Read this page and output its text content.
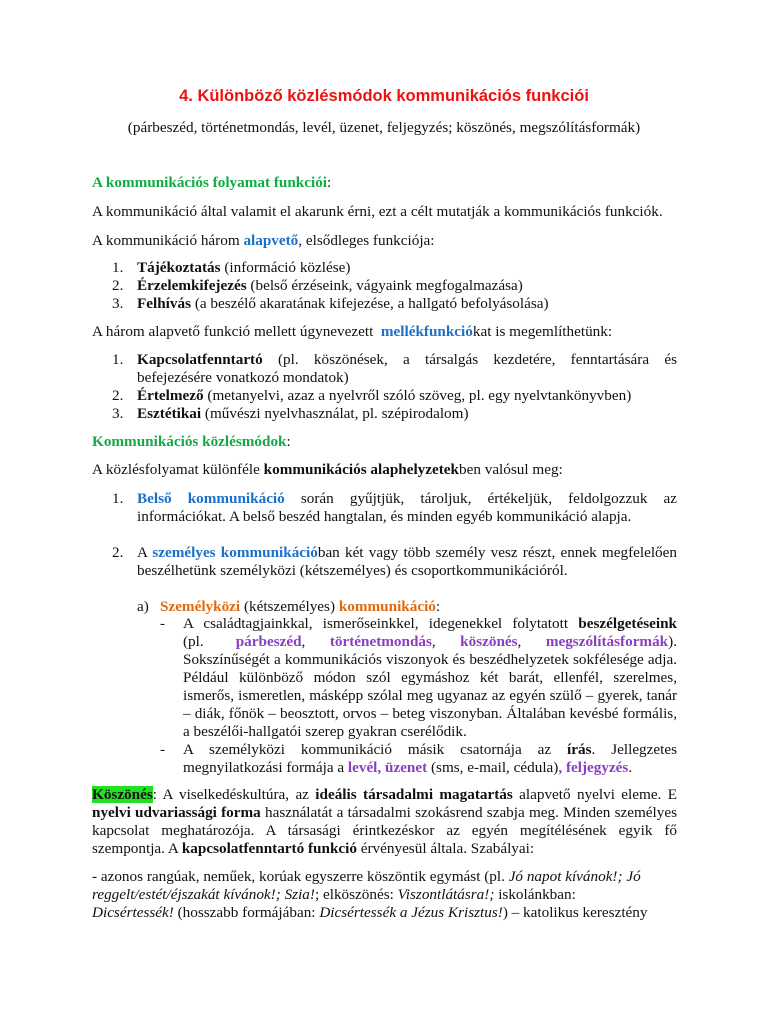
4. Különböző közlésmódok kommunikációs funkciói

(párbeszéd, történetmondás, levél, üzenet, feljegyzés; köszönés, megszólításformák)

A kommunikációs folyamat funkciói:

A kommunikáció által valamit el akarunk érni, ezt a célt mutatják a kommunikációs funkciók.

A kommunikáció három alapvető, elsődleges funkciója:

1. Tájékoztatás (információ közlése)

2. Érzelemkifejezés (belső érzéseink, vágyaink megfogalmazása)

3. Felhívás (a beszélő akaratának kifejezése, a hallgató befolyásolása)

A három alapvető funkció mellett úgynevezett  mellékfunkciókat is megemlíthetünk:

1. Kapcsolatfenntartó (pl. köszönések, a társalgás kezdetére, fenntartására és

befejezésére vonatkozó mondatok)

2. Értelmező (metanyelvi, azaz a nyelvről szóló szöveg, pl. egy nyelvtankönyvben)

3. Esztétikai (művészi nyelvhasználat, pl. szépirodalom)

Kommunikációs közlésmódok:

A közlésfolyamat különféle kommunikációs alaphelyzetekben valósul meg:

1. Belső kommunikáció során gyűjtjük, tároljuk, értékeljük, feldolgozzuk az

információkat. A belső beszéd hangtalan, és minden egyéb kommunikáció alapja.

2. A személyes kommunikációban két vagy több személy vesz részt, ennek megfelelően

beszélhetünk személyközi (kétszemélyes) és csoportkommunikációról.

a) Személyközi (kétszemélyes) kommunikáció:

- A családtagjainkkal, ismerőseinkkel, idegenekkel folytatott beszélgetéseink

(pl. párbeszéd, történetmondás, köszönés, megszólításformák).

Sokszínűségét a kommunikációs viszonyok és beszédhelyzetek sokfélesége adja. Például különböző módon szól egymáshoz két barát, ellenfél, szerelmes, ismerős, ismeretlen, másképp szólal meg ugyanaz az egyén szülő – gyerek, tanár – diák, főnök – beosztott, orvos – beteg viszonyban. Általában kevésbé formális, a beszélői-hallgatói szerep gyakran cserélődik.

- A személyközi kommunikáció másik csatornája az írás. Jellegzetes

megnyilatkozási formája a levél, üzenet (sms, e-mail, cédula), feljegyzés.

Köszönés: A viselkedéskultúra, az ideális társadalmi magatartás alapvető nyelvi eleme. E nyelvi udvariassági forma használatát a társadalmi szokásrend szabja meg. Minden személyes kapcsolat meghatározója. A társasági érintkezéskor az egyén megítélésének egyik fő szempontja. A kapcsolatfenntartó funkció érvényesül általa. Szabályai:

- azonos rangúak, neműek, korúak egyszerre köszöntik egymást (pl. Jó napot kívánok!; Jó

reggelt/estét/éjszakát kívánok!; Szia!; elköszönés: Viszontlátásra!; iskolánkban:

Dicsértessék! (hosszabb formájában: Dicsértessék a Jézus Krisztus!) – katolikus keresztény
